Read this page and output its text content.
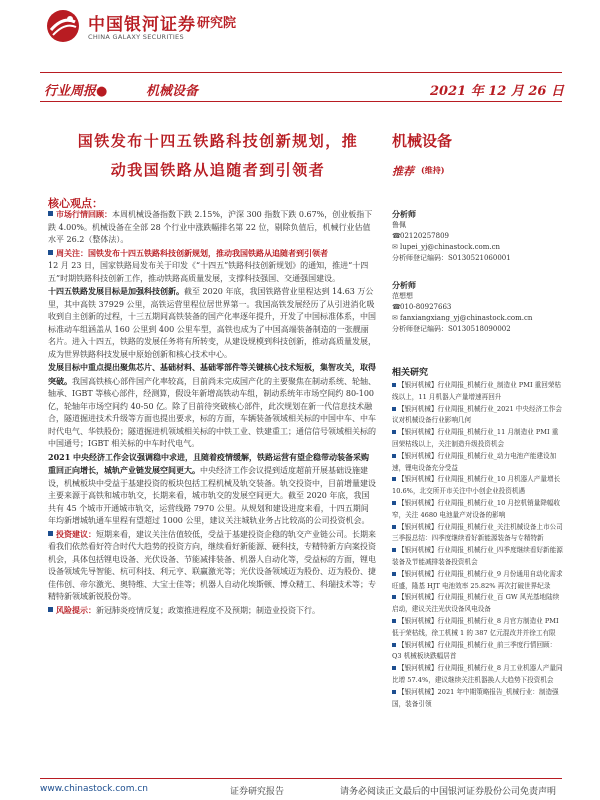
中国银河证券
CHINA GALAXY SECURITIES
研究院
行业周报●	机械设备	2021 年 12 月 26 日
国铁发布十四五铁路科技创新规划，推
动我国铁路从追随者到引领者
核心观点：

市场行情回顾：本周机械设备指数下跌 2.15%，沪深 300 指数下跌 0.67%，创业板指下跌 4.00%。机械设备在全部 28 个行业中涨跌幅排名第 22 位，剔除负值后，机械行业估值水平 26.2（整体法）。

周关注：国铁发布十四五铁路科技创新规划，推动我国铁路从追随者到引领者

12 月 23 日，国家铁路局发布关于印发《“十四五”铁路科技创新规划》的通知，推进“十四五”时期铁路科技创新工作，推动铁路高质量发展，支撑科技强国、交通强国建设。

十四五铁路发展目标是加强科技创新。截至 2020 年底，我国铁路营业里程达到 14.63 万公里，其中高铁 37929 公里，高铁运营里程位居世界第一。我国高铁发展经历了从引进消化吸收到自主创新的过程，十三五期间高铁装备的国产化率逐年提升，开发了中国标准体系，中国标准动车组涵盖从 160 公里到 400 公里车型，高铁也成为了中国高端装备制造的一张靓丽名片。进入十四五，铁路的发展任务将有所转变，从建设规模到科技创新，推动高质量发展，成为世界铁路科技发展中原始创新和核心技术中心。

发展目标中重点提出聚焦芯片、基础材料、基础零部件等关键核心技术短板，集智攻关，取得突破。我国高铁核心部件国产化率较高，目前尚未完成国产化的主要聚焦在制动系统、轮轴、轴承、IGBT 等核心部件，经测算，假设年新增高铁动车组，制动系统年市场空间约 80-100 亿，轮轴年市场空间约 40-50 亿。除了目前待突破核心部件，此次规划在新一代信息技术融合，隧道掘进技术升级等方面也提出要求，标的方面，车辆装备领域相关标的中国中车、中车时代电气、华铁股份；隧道掘进机领域相关标的中铁工业、铁建重工；通信信号领域相关标的中国通号；IGBT 相关标的中车时代电气。

2021 中央经济工作会议强调稳中求进，且随着疫情缓解，铁路运营有望企稳带动装备采购重回正向增长，城轨产业链发展空间更大。中央经济工作会议提到适度超前开展基础设施建设，机械板块中受益于基建投资的板块包括工程机械及轨交装备。轨交投资中，目前增量建设主要来源于高铁和城市轨交，长期来看，城市轨交的发展空间更大。截至 2020 年底，我国共有 45 个城市开通城市轨交，运营线路 7970 公里。从规划和建设进度来看，十四五期间年均新增城轨通车里程有望超过 1000 公里，建议关注城轨业务占比较高的公司投资机会。

投资建议：短期来看，建议关注估值较低，受益于基建投资企稳的轨交产业链公司。长期来看我们依然看好符合时代大趋势的投资方向，继续看好新能源、硬科技，专精特新方向案投资机会，具体包括锂电设备、光伏设备、节能减排装备、机器人自动化等，受益标的方面，锂电设备领域先导智能、杭可科技、利元亨、联赢激光等；光伏设备领域迈为股份、迈为股份、捷佳伟创、帝尔激光、奥特维、大宝士佳等；机器人自动化埃斯顿、博众精工、科瑞技术等；专精特新领域新锐股份等。

风险提示：新冠肺炎疫情反复；政策推进程度不及预期；制造业投资下行。

机械设备
推荐 (维持)
分析师
鲁佩
☎02120257809
✉ lupei_yj@chinastock.com.cn
分析师登记编码：S0130521060001
分析师
范想想
☎010-80927663
✉ fanxiangxiang_yj@chinastock.com.cn
分析师登记编码：S0130518090002
相关研究

【银河机械】行业周报_机械行业_制造业 PMI 重回荣枯线以上，11 月机器人产量增速再回升

【银河机械】行业周报_机械行业_2021 中央经济工作会议对机械设备行业影响几何

【银河机械】行业周报_机械行业_11 月制造业 PMI 重回荣枯线以上，关注制造升级投资机会

【银河机械】行业周报_机械行业_动力电池产能建设加速，锂电设备充分受益

【银河机械】行业周报_机械行业_10 月机器人产量增长 10.6%，北交所开市关注中小创企业投资机遇

【银河机械】行业周报_机械行业_10 月挖机销量降幅收窄，关注 4680 电池量产对设备的影响

【银河机械】行业周报_机械行业_关注机械设备上市公司三季报总结：四季度继续看好新能源装备与专精特新

【银河机械】行业周报_机械行业_四季度继续看好新能源装备及节能减排装备投资机会

【银河机械】行业周报_机械行业_9 月份通用自动化需求旺盛，隆基 HJT 电池效率 25.82% 再次打破世界纪录

【银河机械】行业周报_机械行业_百 GW 风光基地陆续启动，建议关注光伏设备风电设备

【银河机械】行业周报_机械行业_8 月官方制造业 PMI 低于荣枯线，徐工机械 1 的 387 亿元混改并并徐工有限

【银河机械】行业周报_机械行业_前三季度行情回顾：Q3 机械板块跌幅居首

【银河机械】行业周报_机械行业_8 月工业机器人产量同比增 57.4%，建议继续关注机器换人大趋势下投资机会

【银河机械】2021 年中期策略报告_机械行业：制造强国，装备引领

www.chinastock.com.cn	证券研究报告	请务必阅读正文最后的中国银河证券股份公司免责声明
